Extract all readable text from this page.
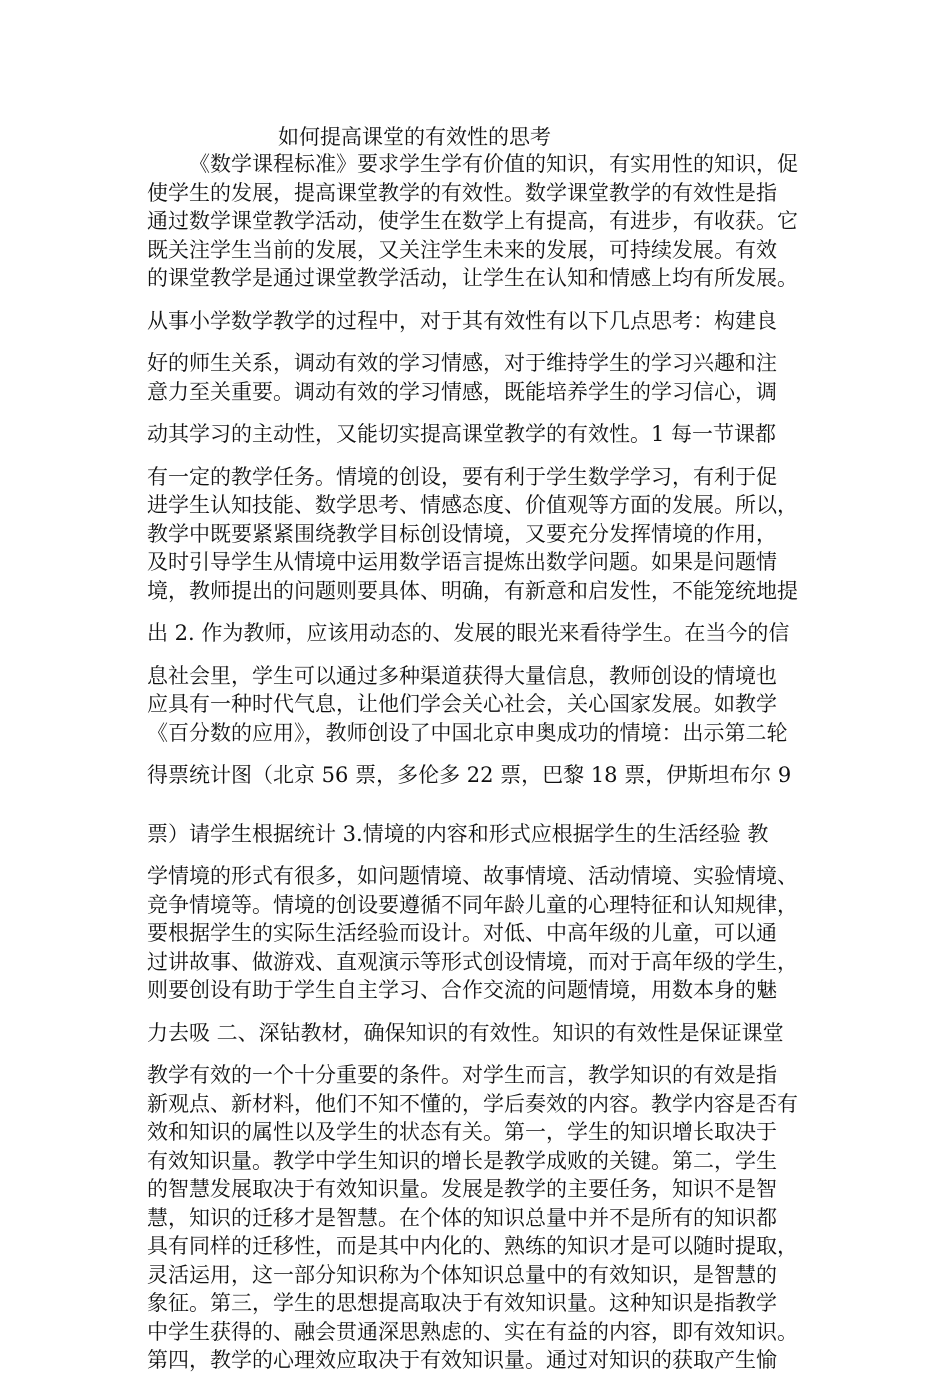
如何提高课堂的有效性的思考
《数学课程标准》要求学生学有价值的知识，有实用性的知识，促
使学生的发展，提高课堂教学的有效性。数学课堂教学的有效性是指
通过数学课堂教学活动，使学生在数学上有提高，有进步，有收获。它
既关注学生当前的发展，又关注学生未来的发展，可持续发展。有效
的课堂教学是通过课堂教学活动，让学生在认知和情感上均有所发展。
从事小学数学教学的过程中，对于其有效性有以下几点思考：构建良
好的师生关系，调动有效的学习情感，对于维持学生的学习兴趣和注
意力至关重要。调动有效的学习情感，既能培养学生的学习信心，调
动其学习的主动性，又能切实提高课堂教学的有效性。1 每一节课都
有一定的教学任务。情境的创设，要有利于学生数学学习，有利于促
进学生认知技能、数学思考、情感态度、价值观等方面的发展。所以，
教学中既要紧紧围绕教学目标创设情境，又要充分发挥情境的作用，
及时引导学生从情境中运用数学语言提炼出数学问题。如果是问题情
境，教师提出的问题则要具体、明确，有新意和启发性，不能笼统地提
出 2. 作为教师，应该用动态的、发展的眼光来看待学生。在当今的信
息社会里，学生可以通过多种渠道获得大量信息，教师创设的情境也
应具有一种时代气息，让他们学会关心社会，关心国家发展。如教学
《百分数的应用》，教师创设了中国北京申奥成功的情境：出示第二轮
得票统计图（北京 56 票，多伦多 22 票，巴黎 18 票，伊斯坦布尔 9
票）请学生根据统计 3.情境的内容和形式应根据学生的生活经验 教
学情境的形式有很多，如问题情境、故事情境、活动情境、实验情境、
竞争情境等。情境的创设要遵循不同年龄儿童的心理特征和认知规律，
要根据学生的实际生活经验而设计。对低、中高年级的儿童，可以通
过讲故事、做游戏、直观演示等形式创设情境，而对于高年级的学生，
则要创设有助于学生自主学习、合作交流的问题情境，用数本身的魅
力去吸 二、深钻教材，确保知识的有效性。知识的有效性是保证课堂
教学有效的一个十分重要的条件。对学生而言，教学知识的有效是指
新观点、新材料，他们不知不懂的，学后奏效的内容。教学内容是否有
效和知识的属性以及学生的状态有关。第一，学生的知识增长取决于
有效知识量。教学中学生知识的增长是教学成败的关键。第二，学生
的智慧发展取决于有效知识量。发展是教学的主要任务，知识不是智
慧，知识的迁移才是智慧。在个体的知识总量中并不是所有的知识都
具有同样的迁移性，而是其中内化的、熟练的知识才是可以随时提取，
灵活运用，这一部分知识称为个体知识总量中的有效知识，是智慧的
象征。第三，学生的思想提高取决于有效知识量。这种知识是指教学
中学生获得的、融会贯通深思熟虑的、实在有益的内容，即有效知识。
第四，教学的心理效应取决于有效知识量。通过对知识的获取产生愉
